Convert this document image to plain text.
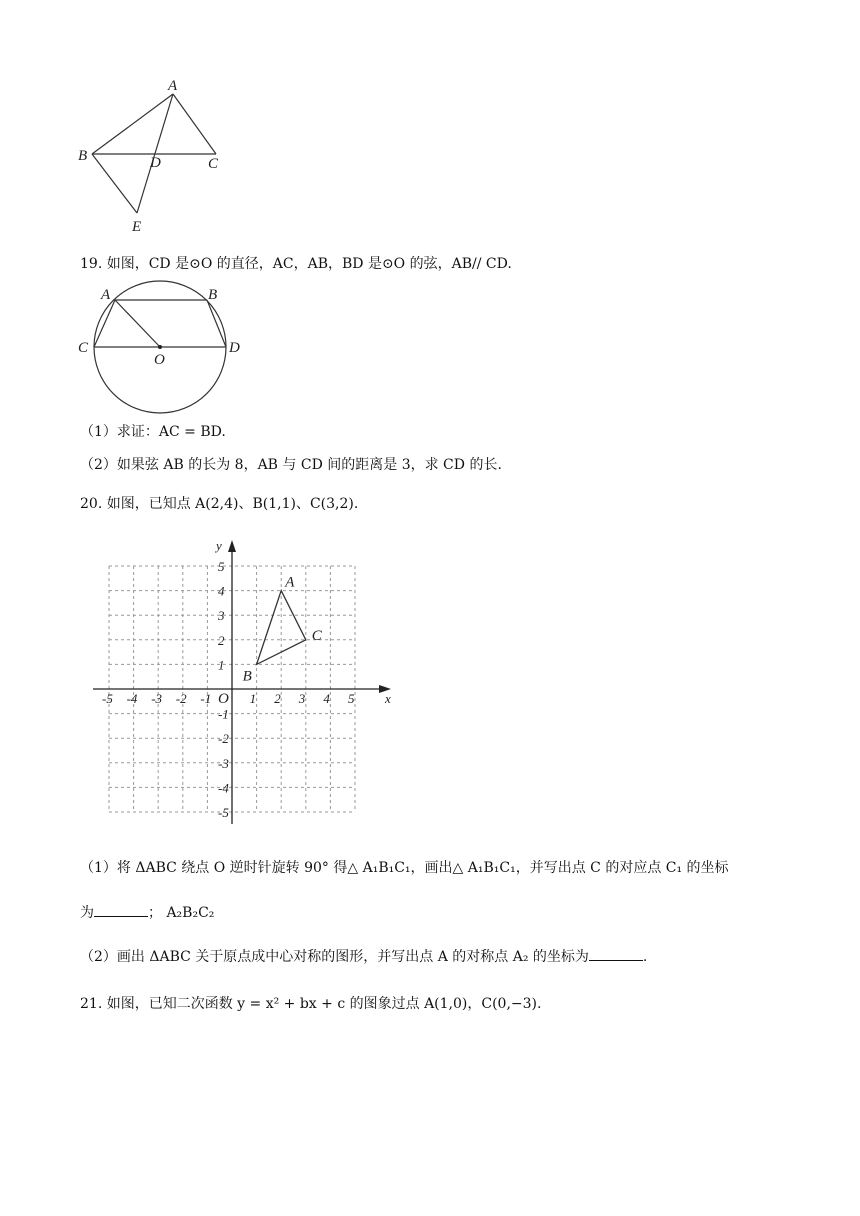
A
B	D	C
E
19. 如图，CD 是⊙O 的直径，AC，AB，BD 是⊙O 的弦，AB// CD.
A	B
C	D
O
（1）求证：AC = BD.
（2）如果弦 AB 的长为 8，AB 与 CD 间的距离是 3，求 CD 的长.
20. 如图，已知点 A(2,4)、B(1,1)、C(3,2).
x
y
O
-5 -4 -3 -2 -1	1 2 3 4 5
5
4
3
2
1
-1
-2
-3
-4
-5
A
B
C
（1）将 ΔABC 绕点 O 逆时针旋转 90° 得△ A₁B₁C₁，画出△ A₁B₁C₁，并写出点 C 的对应点 C₁ 的坐标
为	； A₂B₂C₂
（2）画出 ΔABC 关于原点成中心对称的图形，并写出点 A 的对称点 A₂ 的坐标为	.
21. 如图，已知二次函数 y = x² + bx + c 的图象过点 A(1,0)，C(0,−3).
